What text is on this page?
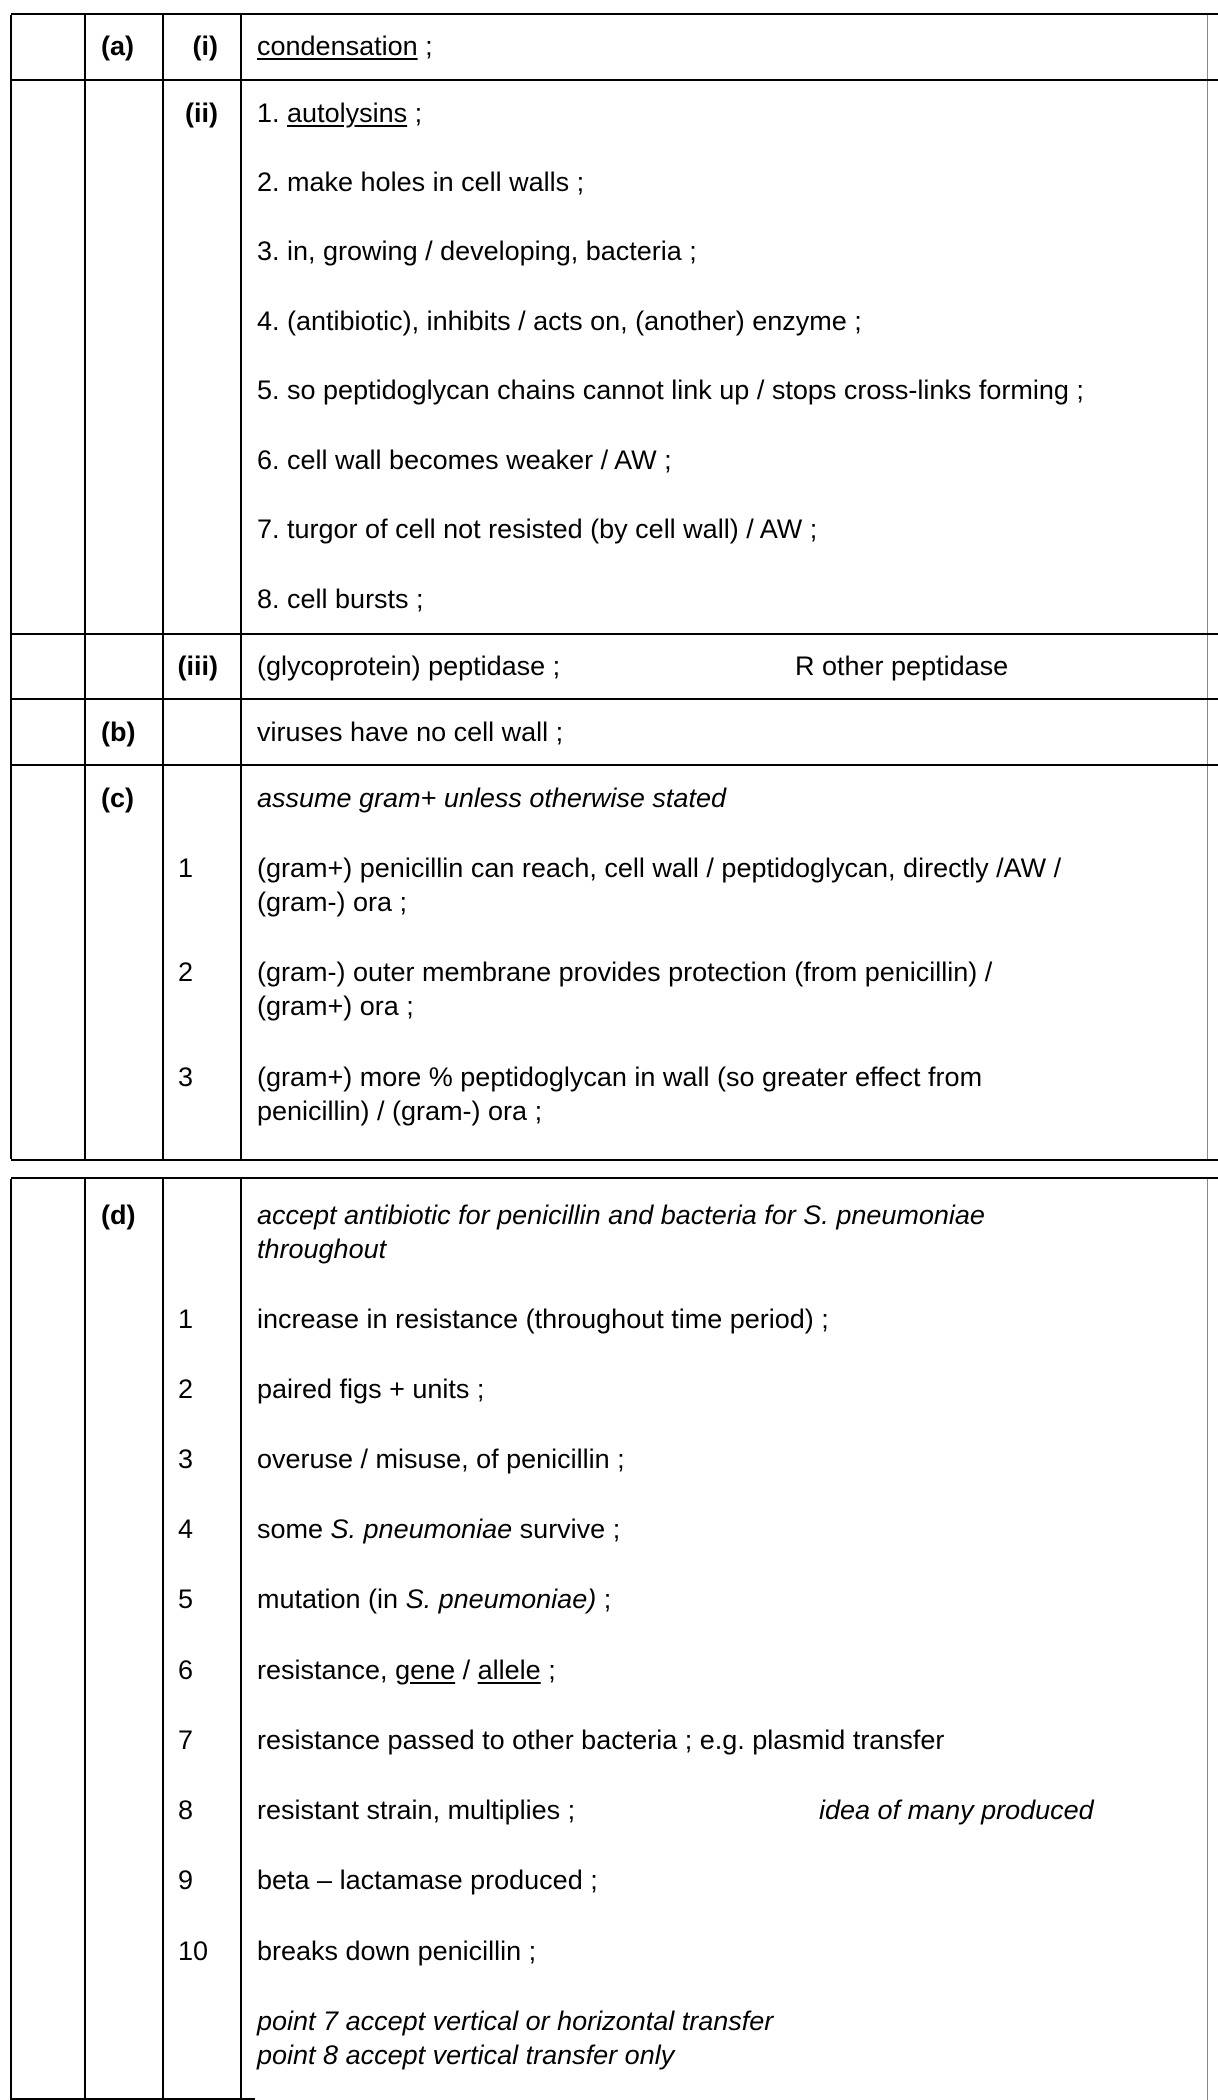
(a) (i) condensation ;
(ii) 1. autolysins ;
2. make holes in cell walls ;
3. in, growing / developing, bacteria ;
4. (antibiotic), inhibits / acts on, (another) enzyme ;
5. so peptidoglycan chains cannot link up / stops cross-links forming ;
6. cell wall becomes weaker / AW ;
7. turgor of cell not resisted (by cell wall) / AW ;
8. cell bursts ;
(iii) (glycoprotein) peptidase ;	R other peptidase
(b)	viruses have no cell wall ;
(c)	assume gram+ unless otherwise stated
1 (gram+) penicillin can reach, cell wall / peptidoglycan, directly /AW /
(gram-) ora ;
2 (gram-) outer membrane provides protection (from penicillin) /
(gram+) ora ;
3 (gram+) more % peptidoglycan in wall (so greater effect from
penicillin) / (gram-) ora ;
(d)	accept antibiotic for penicillin and bacteria for S. pneumoniae
throughout
1 increase in resistance (throughout time period) ;
2 paired figs + units ;
3 overuse / misuse, of penicillin ;
4 some S. pneumoniae survive ;
5 mutation (in S. pneumoniae) ;
6 resistance, gene / allele ;
7 resistance passed to other bacteria ; e.g. plasmid transfer
8 resistant strain, multiplies ;	idea of many produced
9 beta – lactamase produced ;
10 breaks down penicillin ;
point 7 accept vertical or horizontal transfer
point 8 accept vertical transfer only
